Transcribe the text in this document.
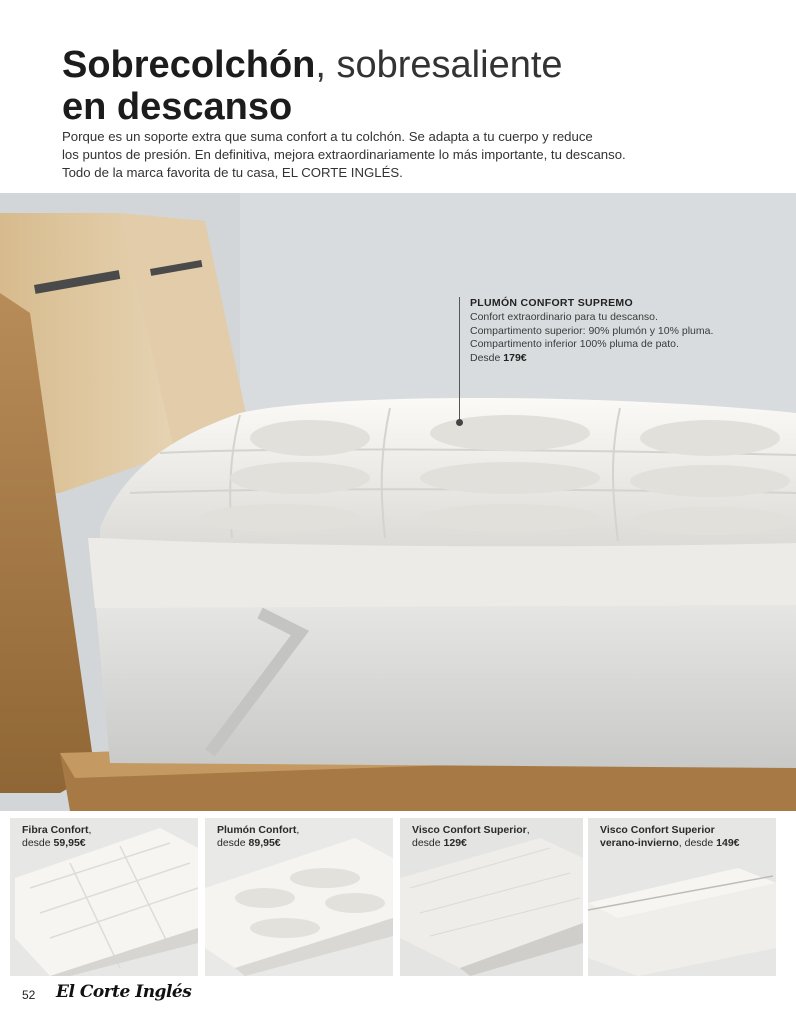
Sobrecolchón, sobresaliente
en descanso
Porque es un soporte extra que suma confort a tu colchón. Se adapta a tu cuerpo y reduce
los puntos de presión. En definitiva, mejora extraordinariamente lo más importante, tu descanso.
Todo de la marca favorita de tu casa, EL CORTE INGLÉS.
PLUMÓN CONFORT SUPREMO
Confort extraordinario para tu descanso.
Compartimento superior: 90% plumón y 10% pluma.
Compartimento inferior 100% pluma de pato.
Desde 179€
Fibra Confort,
desde 59,95€
Plumón Confort,
desde 89,95€
Visco Confort Superior,
desde 129€
Visco Confort Superior
verano-invierno, desde 149€
52 El Corte Inglés
